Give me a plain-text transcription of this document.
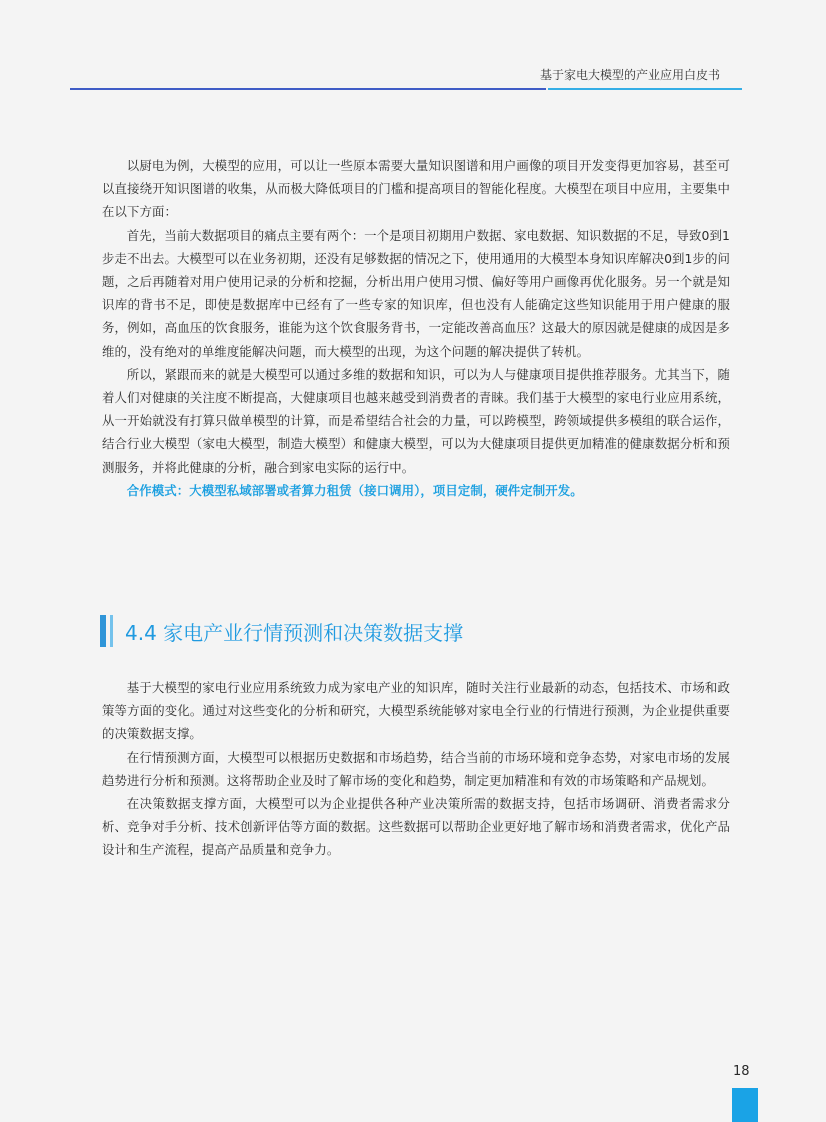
基于家电大模型的产业应用白皮书

以厨电为例，大模型的应用，可以让一些原本需要大量知识图谱和用户画像的项目开发变得更加容易，甚至可以直接绕开知识图谱的收集，从而极大降低项目的门槛和提高项目的智能化程度。大模型在项目中应用，主要集中在以下方面：

首先，当前大数据项目的痛点主要有两个：一个是项目初期用户数据、家电数据、知识数据的不足，导致0到1步走不出去。大模型可以在业务初期，还没有足够数据的情况之下，使用通用的大模型本身知识库解决0到1步的问题，之后再随着对用户使用记录的分析和挖掘，分析出用户使用习惯、偏好等用户画像再优化服务。另一个就是知识库的背书不足，即使是数据库中已经有了一些专家的知识库，但也没有人能确定这些知识能用于用户健康的服务，例如，高血压的饮食服务，谁能为这个饮食服务背书，一定能改善高血压？这最大的原因就是健康的成因是多维的，没有绝对的单维度能解决问题，而大模型的出现，为这个问题的解决提供了转机。

所以，紧跟而来的就是大模型可以通过多维的数据和知识，可以为人与健康项目提供推荐服务。尤其当下，随着人们对健康的关注度不断提高，大健康项目也越来越受到消费者的青睐。我们基于大模型的家电行业应用系统，从一开始就没有打算只做单模型的计算，而是希望结合社会的力量，可以跨模型，跨领域提供多模组的联合运作，结合行业大模型（家电大模型，制造大模型）和健康大模型，可以为大健康项目提供更加精准的健康数据分析和预测服务，并将此健康的分析，融合到家电实际的运行中。

合作模式：大模型私域部署或者算力租赁（接口调用），项目定制，硬件定制开发。

4.4 家电产业行情预测和决策数据支撑

基于大模型的家电行业应用系统致力成为家电产业的知识库，随时关注行业最新的动态，包括技术、市场和政策等方面的变化。通过对这些变化的分析和研究，大模型系统能够对家电全行业的行情进行预测，为企业提供重要的决策数据支撑。

在行情预测方面，大模型可以根据历史数据和市场趋势，结合当前的市场环境和竞争态势，对家电市场的发展趋势进行分析和预测。这将帮助企业及时了解市场的变化和趋势，制定更加精准和有效的市场策略和产品规划。

在决策数据支撑方面，大模型可以为企业提供各种产业决策所需的数据支持，包括市场调研、消费者需求分析、竞争对手分析、技术创新评估等方面的数据。这些数据可以帮助企业更好地了解市场和消费者需求，优化产品设计和生产流程，提高产品质量和竞争力。

18
